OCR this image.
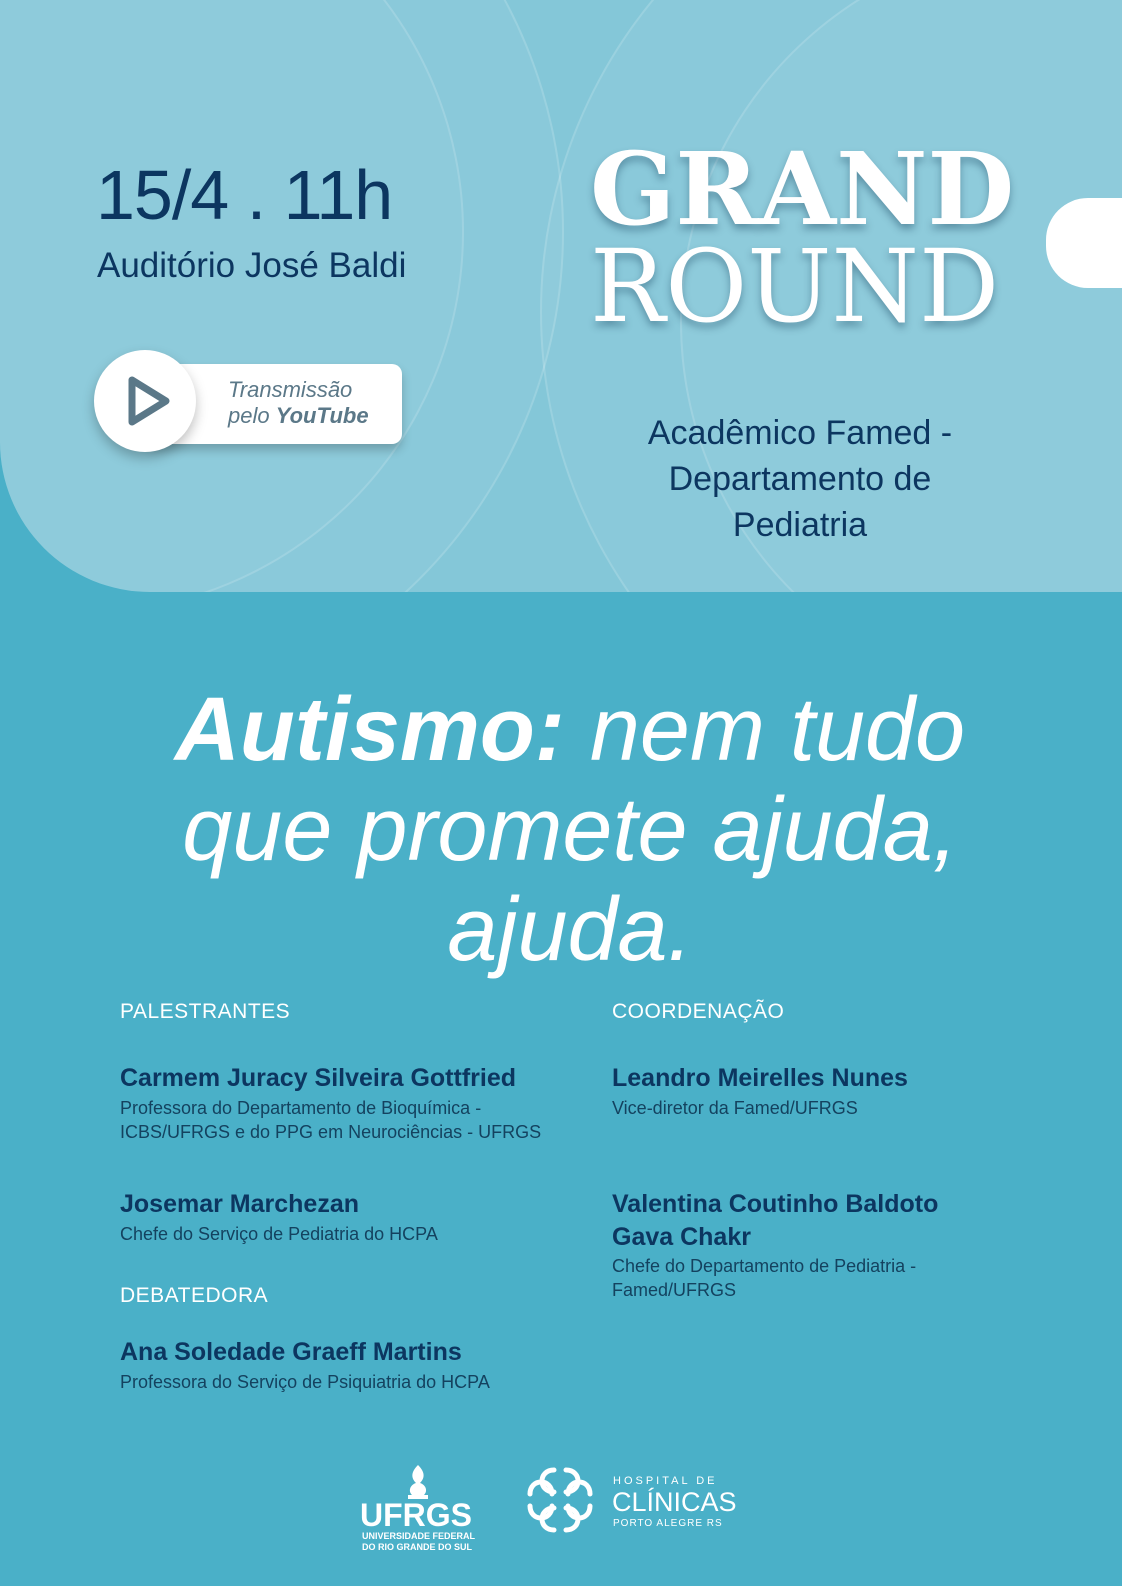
15/4 . 11h
Auditório José Baldi
Transmissão
pelo YouTube
GRAND
ROUND
Acadêmico Famed - Departamento de Pediatria
Autismo: nem tudo que promete ajuda, ajuda.
PALESTRANTES	COORDENAÇÃO
Carmem Juracy Silveira Gottfried
Professora do Departamento de Bioquímica - ICBS/UFRGS e do PPG em Neurociências - UFRGS
Josemar Marchezan
Chefe do Serviço de Pediatria do HCPA
DEBATEDORA
Ana Soledade Graeff Martins
Professora do Serviço de Psiquiatria do HCPA
Leandro Meirelles Nunes
Vice-diretor da Famed/UFRGS
Valentina Coutinho Baldoto Gava Chakr
Chefe do Departamento de Pediatria - Famed/UFRGS
UFRGS
UNIVERSIDADE FEDERAL
DO RIO GRANDE DO SUL
HOSPITAL DE
CLÍNICAS
PORTO ALEGRE RS
